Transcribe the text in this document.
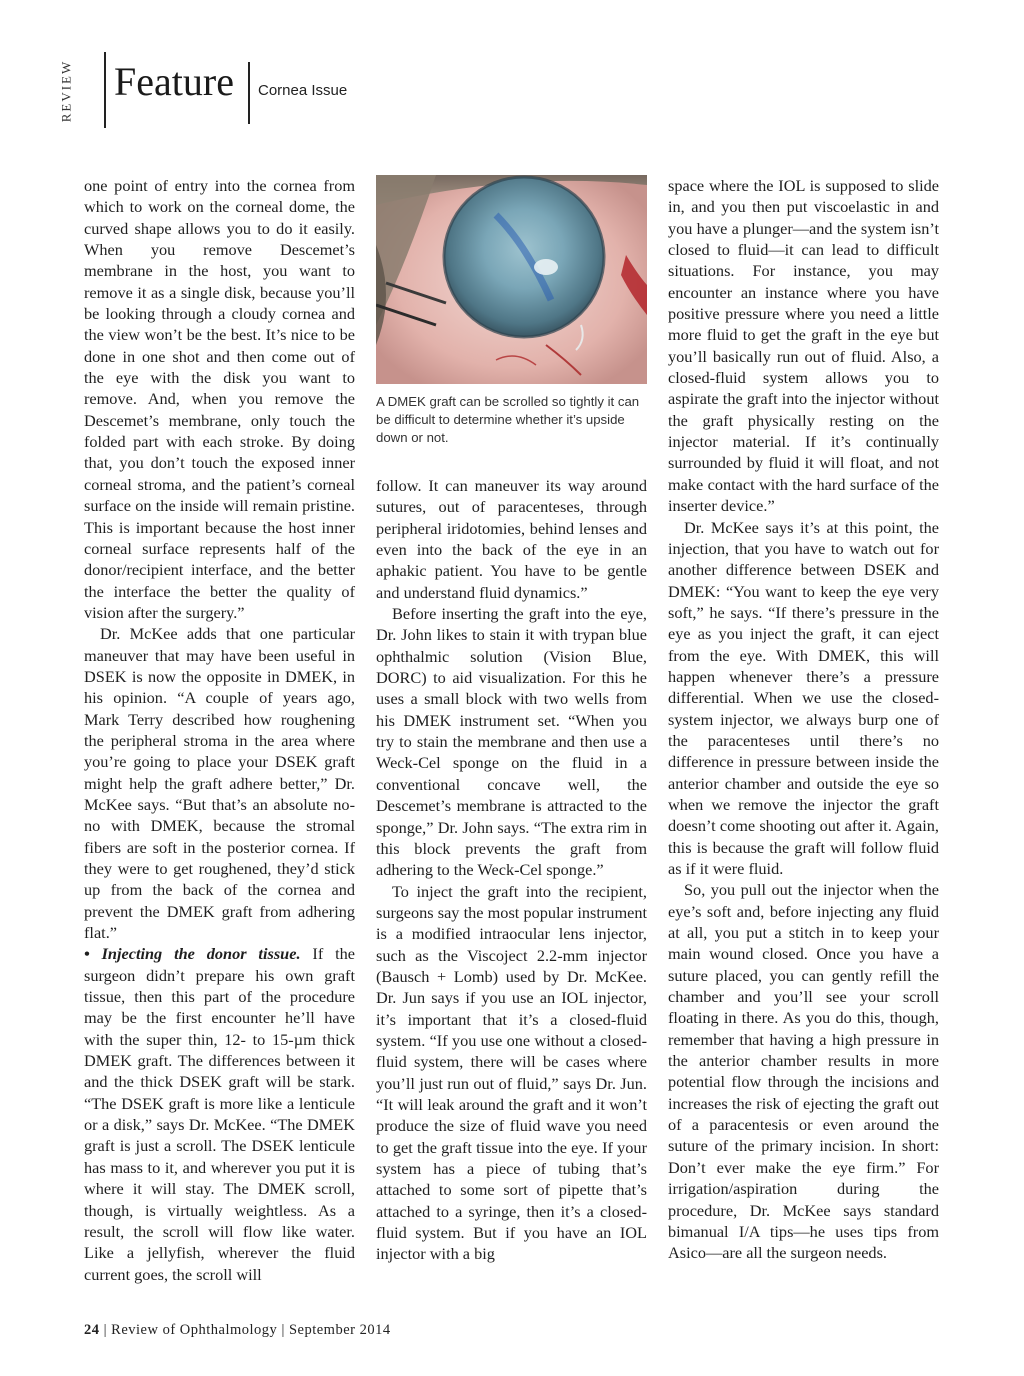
REVIEW Feature Cornea Issue

one point of entry into the cornea from which to work on the corneal dome, the curved shape allows you to do it easily. When you remove Descemet’s membrane in the host, you want to remove it as a single disk, because you’ll be looking through a cloudy cornea and the view won’t be the best. It’s nice to be done in one shot and then come out of the eye with the disk you want to remove. And, when you remove the Descemet’s membrane, only touch the folded part with each stroke. By doing that, you don’t touch the exposed inner corneal stroma, and the patient’s corneal surface on the inside will remain pristine. This is important because the host inner corneal surface represents half of the donor/recipient interface, and the better the interface the better the quality of vision after the surgery.”

Dr. McKee adds that one particular maneuver that may have been useful in DSEK is now the opposite in DMEK, in his opinion. “A couple of years ago, Mark Terry described how roughening the peripheral stroma in the area where you’re going to place your DSEK graft might help the graft adhere better,” Dr. McKee says. “But that’s an absolute no-no with DMEK, because the stromal fibers are soft in the posterior cornea. If they were to get roughened, they’d stick up from the back of the cornea and prevent the DMEK graft from adhering flat.”

• Injecting the donor tissue. If the surgeon didn’t prepare his own graft tissue, then this part of the procedure may be the first encounter he’ll have with the super thin, 12- to 15-µm thick DMEK graft. The differences between it and the thick DSEK graft will be stark. “The DSEK graft is more like a lenticule or a disk,” says Dr. McKee. “The DMEK graft is just a scroll. The DSEK lenticule has mass to it, and wherever you put it is where it will stay. The DMEK scroll, though, is virtually weightless. As a result, the scroll will flow like water. Like a jellyfish, wherever the fluid current goes, the scroll will

A DMEK graft can be scrolled so tightly it can be difficult to determine whether it’s upside down or not.

follow. It can maneuver its way around sutures, out of paracenteses, through peripheral iridotomies, behind lenses and even into the back of the eye in an aphakic patient. You have to be gentle and understand fluid dynamics.”

Before inserting the graft into the eye, Dr. John likes to stain it with trypan blue ophthalmic solution (Vision Blue, DORC) to aid visualization. For this he uses a small block with two wells from his DMEK instrument set. “When you try to stain the membrane and then use a Weck-Cel sponge on the fluid in a conventional concave well, the Descemet’s membrane is attracted to the sponge,” Dr. John says. “The extra rim in this block prevents the graft from adhering to the Weck-Cel sponge.”

To inject the graft into the recipient, surgeons say the most popular instrument is a modified intraocular lens injector, such as the Viscoject 2.2-mm injector (Bausch + Lomb) used by Dr. McKee. Dr. Jun says if you use an IOL injector, it’s important that it’s a closed-fluid system. “If you use one without a closed-fluid system, there will be cases where you’ll just run out of fluid,” says Dr. Jun. “It will leak around the graft and it won’t produce the size of fluid wave you need to get the graft tissue into the eye. If your system has a piece of tubing that’s attached to some sort of pipette that’s attached to a syringe, then it’s a closed-fluid system. But if you have an IOL injector with a big

space where the IOL is supposed to slide in, and you then put viscoelastic in and you have a plunger—and the system isn’t closed to fluid—it can lead to difficult situations. For instance, you may encounter an instance where you have positive pressure where you need a little more fluid to get the graft in the eye but you’ll basically run out of fluid. Also, a closed-fluid system allows you to aspirate the graft into the injector without the graft physically resting on the injector material. If it’s continually surrounded by fluid it will float, and not make contact with the hard surface of the inserter device.”

Dr. McKee says it’s at this point, the injection, that you have to watch out for another difference between DSEK and DMEK: “You want to keep the eye very soft,” he says. “If there’s pressure in the eye as you inject the graft, it can eject from the eye. With DMEK, this will happen whenever there’s a pressure differential. When we use the closed-system injector, we always burp one of the paracenteses until there’s no difference in pressure between inside the anterior chamber and outside the eye so when we remove the injector the graft doesn’t come shooting out after it. Again, this is because the graft will follow fluid as if it were fluid.

So, you pull out the injector when the eye’s soft and, before injecting any fluid at all, you put a stitch in to keep your main wound closed. Once you have a suture placed, you can gently refill the chamber and you’ll see your scroll floating in there. As you do this, though, remember that having a high pressure in the anterior chamber results in more potential flow through the incisions and increases the risk of ejecting the graft out of a paracentesis or even around the suture of the primary incision. In short: Don’t ever make the eye firm.” For irrigation/aspiration during the procedure, Dr. McKee says standard bimanual I/A tips—he uses tips from Asico—are all the surgeon needs.

24 | Review of Ophthalmology | September 2014
